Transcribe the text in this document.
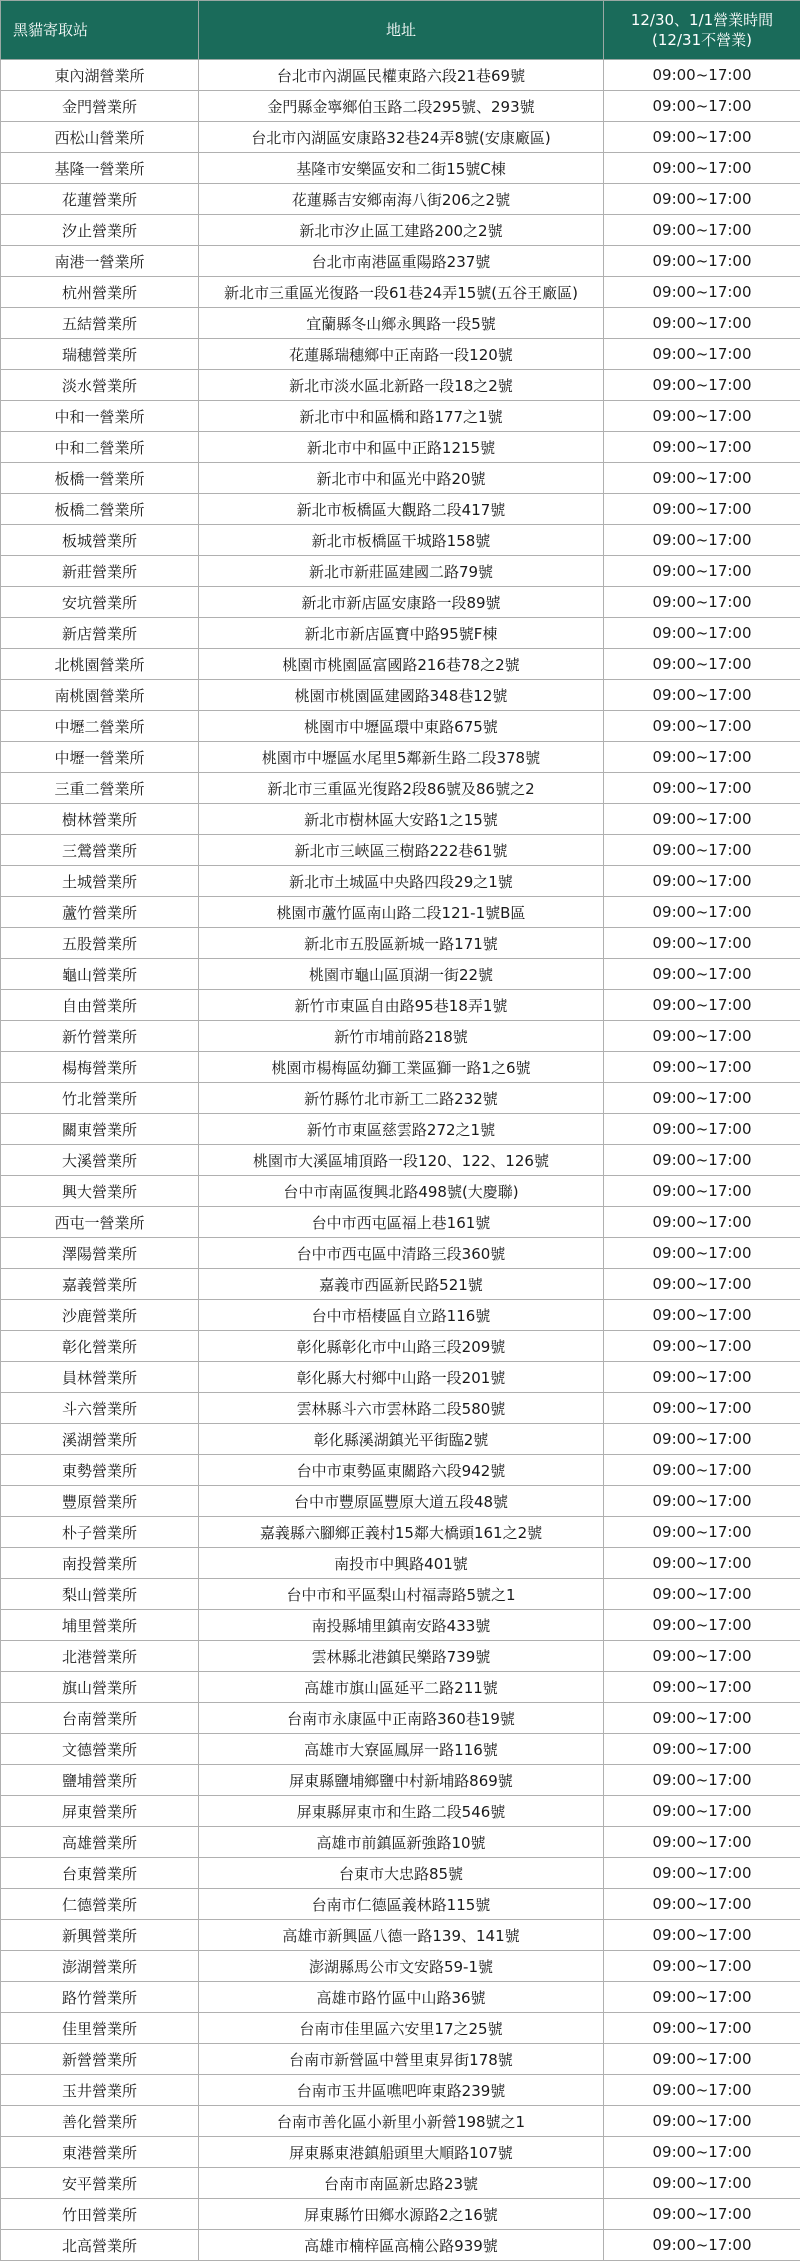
黑貓寄取站	地址	12/30、1/1營業時間
(12/31不營業)

東內湖營業所	台北市內湖區民權東路六段21巷69號	09:00~17:00
金門營業所	金門縣金寧鄉伯玉路二段295號、293號	09:00~17:00
西松山營業所	台北市內湖區安康路32巷24弄8號(安康廠區)	09:00~17:00
基隆一營業所	基隆市安樂區安和二街15號C棟	09:00~17:00
花蓮營業所	花蓮縣吉安鄉南海八街206之2號	09:00~17:00
汐止營業所	新北市汐止區工建路200之2號	09:00~17:00
南港一營業所	台北市南港區重陽路237號	09:00~17:00
杭州營業所	新北市三重區光復路一段61巷24弄15號(五谷王廠區)	09:00~17:00
五結營業所	宜蘭縣冬山鄉永興路一段5號	09:00~17:00
瑞穗營業所	花蓮縣瑞穗鄉中正南路一段120號	09:00~17:00
淡水營業所	新北市淡水區北新路一段18之2號	09:00~17:00
中和一營業所	新北市中和區橋和路177之1號	09:00~17:00
中和二營業所	新北市中和區中正路1215號	09:00~17:00
板橋一營業所	新北市中和區光中路20號	09:00~17:00
板橋二營業所	新北市板橋區大觀路二段417號	09:00~17:00
板城營業所	新北市板橋區干城路158號	09:00~17:00
新莊營業所	新北市新莊區建國二路79號	09:00~17:00
安坑營業所	新北市新店區安康路一段89號	09:00~17:00
新店營業所	新北市新店區寶中路95號F棟	09:00~17:00
北桃園營業所	桃園市桃園區富國路216巷78之2號	09:00~17:00
南桃園營業所	桃園市桃園區建國路348巷12號	09:00~17:00
中壢二營業所	桃園市中壢區環中東路675號	09:00~17:00
中壢一營業所	桃園市中壢區水尾里5鄰新生路二段378號	09:00~17:00
三重二營業所	新北市三重區光復路2段86號及86號之2	09:00~17:00
樹林營業所	新北市樹林區大安路1之15號	09:00~17:00
三鶯營業所	新北市三峽區三樹路222巷61號	09:00~17:00
土城營業所	新北市土城區中央路四段29之1號	09:00~17:00
蘆竹營業所	桃園市蘆竹區南山路二段121-1號B區	09:00~17:00
五股營業所	新北市五股區新城一路171號	09:00~17:00
龜山營業所	桃園市龜山區頂湖一街22號	09:00~17:00
自由營業所	新竹市東區自由路95巷18弄1號	09:00~17:00
新竹營業所	新竹市埔前路218號	09:00~17:00
楊梅營業所	桃園市楊梅區幼獅工業區獅一路1之6號	09:00~17:00
竹北營業所	新竹縣竹北市新工二路232號	09:00~17:00
關東營業所	新竹市東區慈雲路272之1號	09:00~17:00
大溪營業所	桃園市大溪區埔頂路一段120、122、126號	09:00~17:00
興大營業所	台中市南區復興北路498號(大慶聯)	09:00~17:00
西屯一營業所	台中市西屯區福上巷161號	09:00~17:00
澤陽營業所	台中市西屯區中清路三段360號	09:00~17:00
嘉義營業所	嘉義市西區新民路521號	09:00~17:00
沙鹿營業所	台中市梧棲區自立路116號	09:00~17:00
彰化營業所	彰化縣彰化市中山路三段209號	09:00~17:00
員林營業所	彰化縣大村鄉中山路一段201號	09:00~17:00
斗六營業所	雲林縣斗六市雲林路二段580號	09:00~17:00
溪湖營業所	彰化縣溪湖鎮光平街臨2號	09:00~17:00
東勢營業所	台中市東勢區東關路六段942號	09:00~17:00
豐原營業所	台中市豐原區豐原大道五段48號	09:00~17:00
朴子營業所	嘉義縣六腳鄉正義村15鄰大橋頭161之2號	09:00~17:00
南投營業所	南投市中興路401號	09:00~17:00
梨山營業所	台中市和平區梨山村福壽路5號之1	09:00~17:00
埔里營業所	南投縣埔里鎮南安路433號	09:00~17:00
北港營業所	雲林縣北港鎮民樂路739號	09:00~17:00
旗山營業所	高雄市旗山區延平二路211號	09:00~17:00
台南營業所	台南市永康區中正南路360巷19號	09:00~17:00
文德營業所	高雄市大寮區鳳屏一路116號	09:00~17:00
鹽埔營業所	屏東縣鹽埔鄉鹽中村新埔路869號	09:00~17:00
屏東營業所	屏東縣屏東市和生路二段546號	09:00~17:00
高雄營業所	高雄市前鎮區新強路10號	09:00~17:00
台東營業所	台東市大忠路85號	09:00~17:00
仁德營業所	台南市仁德區義林路115號	09:00~17:00
新興營業所	高雄市新興區八德一路139、141號	09:00~17:00
澎湖營業所	澎湖縣馬公市文安路59-1號	09:00~17:00
路竹營業所	高雄市路竹區中山路36號	09:00~17:00
佳里營業所	台南市佳里區六安里17之25號	09:00~17:00
新營營業所	台南市新營區中營里東昇街178號	09:00~17:00
玉井營業所	台南市玉井區噍吧哖東路239號	09:00~17:00
善化營業所	台南市善化區小新里小新營198號之1	09:00~17:00
東港營業所	屏東縣東港鎮船頭里大順路107號	09:00~17:00
安平營業所	台南市南區新忠路23號	09:00~17:00
竹田營業所	屏東縣竹田鄉水源路2之16號	09:00~17:00
北高營業所	高雄市楠梓區高楠公路939號	09:00~17:00
